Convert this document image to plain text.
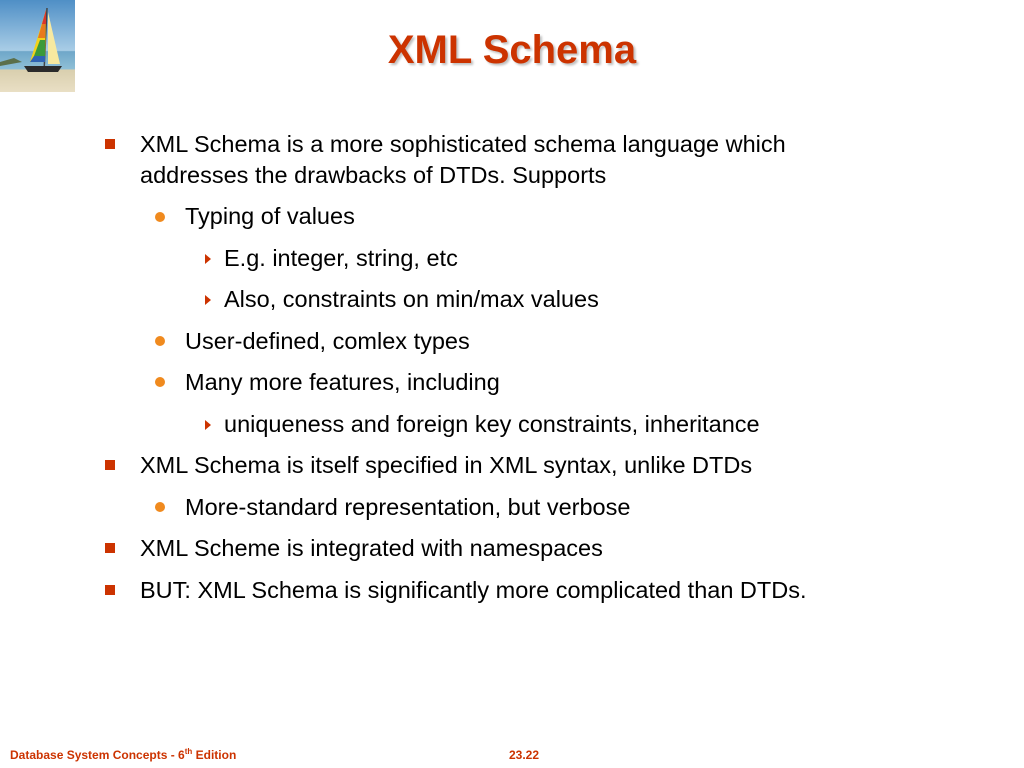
XML Schema
XML Schema is a more sophisticated schema language which
addresses the drawbacks of DTDs. Supports
Typing of values
E.g. integer, string, etc
Also, constraints on min/max values
User-defined, comlex types
Many more features, including
uniqueness and foreign key constraints, inheritance
XML Schema is itself specified in XML syntax, unlike DTDs
More-standard representation, but verbose
XML Scheme is integrated with namespaces
BUT: XML Schema is significantly more complicated than DTDs.
Database System Concepts - 6th Edition	23.22
